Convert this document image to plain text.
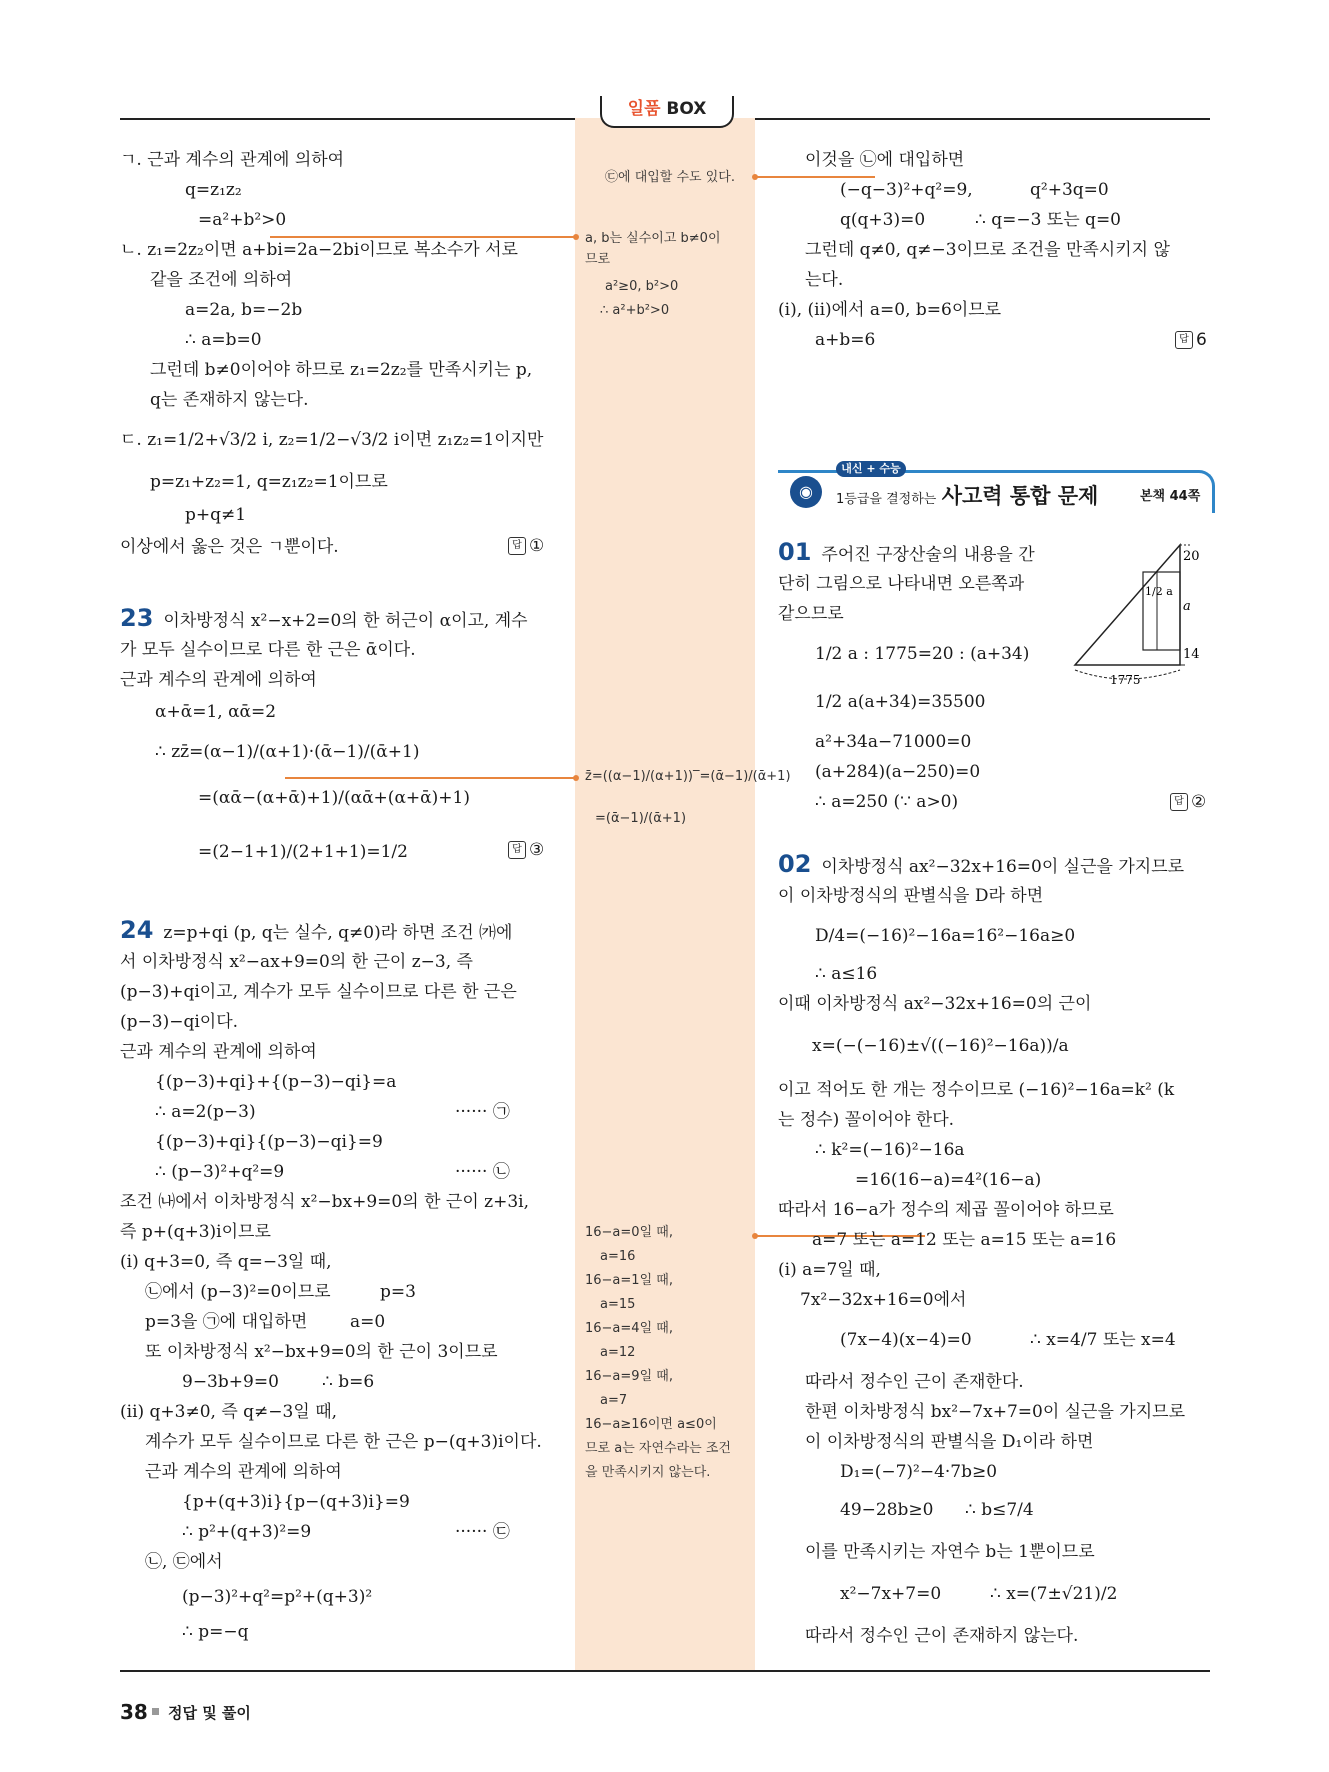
일품 BOX
ㄱ. 근과 계수의 관계에 의하여
q=z₁z₂
=a²+b²>0
ㄴ. z₁=2z₂이면 a+bi=2a−2bi이므로 복소수가 서로
같을 조건에 의하여
a=2a, b=−2b
∴ a=b=0
그런데 b≠0이어야 하므로 z₁=2z₂를 만족시키는 p,
q는 존재하지 않는다.
ㄷ. z₁=1/2+√3/2 i, z₂=1/2−√3/2 i이면 z₁z₂=1이지만
p=z₁+z₂=1, q=z₁z₂=1이므로
p+q≠1
이상에서 옳은 것은 ㄱ뿐이다.	답 ①
23 이차방정식 x²−x+2=0의 한 허근이 α이고, 계수
가 모두 실수이므로 다른 한 근은 ᾱ이다.
근과 계수의 관계에 의하여
α+ᾱ=1, αᾱ=2
∴ zz̄=(α−1)/(α+1)·(ᾱ−1)/(ᾱ+1)
=(αᾱ−(α+ᾱ)+1)/(αᾱ+(α+ᾱ)+1)
=(2−1+1)/(2+1+1)=1/2	답 ③
24 z=p+qi (p, q는 실수, q≠0)라 하면 조건 ㈎에
서 이차방정식 x²−ax+9=0의 한 근이 z−3, 즉
(p−3)+qi이고, 계수가 모두 실수이므로 다른 한 근은
(p−3)−qi이다.
근과 계수의 관계에 의하여
{(p−3)+qi}+{(p−3)−qi}=a
∴ a=2(p−3)	······ ㉠
{(p−3)+qi}{(p−3)−qi}=9
∴ (p−3)²+q²=9	······ ㉡
조건 ㈏에서 이차방정식 x²−bx+9=0의 한 근이 z+3i,
즉 p+(q+3)i이므로
(i) q+3=0, 즉 q=−3일 때,
㉡에서 (p−3)²=0이므로	p=3
p=3을 ㉠에 대입하면	a=0
또 이차방정식 x²−bx+9=0의 한 근이 3이므로
9−3b+9=0	∴ b=6
(ii) q+3≠0, 즉 q≠−3일 때,
계수가 모두 실수이므로 다른 한 근은 p−(q+3)i이다.
근과 계수의 관계에 의하여
{p+(q+3)i}{p−(q+3)i}=9
∴ p²+(q+3)²=9	······ ㉢
㉡, ㉢에서
(p−3)²+q²=p²+(q+3)²
∴ p=−q
㉢에 대입할 수도 있다.
a, b는 실수이고 b≠0이
므로
a²≥0, b²>0
∴ a²+b²>0
z̄=((α−1)/(α+1))‾=(ᾱ−1)/(ᾱ+1)
=(ᾱ−1)/(ᾱ+1)
16−a=0일 때,
a=16
16−a=1일 때,
a=15
16−a=4일 때,
a=12
16−a=9일 때,
a=7
16−a≥16이면 a≤0이
므로 a는 자연수라는 조건
을 만족시키지 않는다.
이것을 ㉡에 대입하면
(−q−3)²+q²=9,	q²+3q=0
q(q+3)=0	∴ q=−3 또는 q=0
그런데 q≠0, q≠−3이므로 조건을 만족시키지 않
는다.
(i), (ii)에서 a=0, b=6이므로
a+b=6	답 6
◉
내신 + 수능
1등급을 결정하는 사고력 통합 문제	본책 44쪽
01 주어진 구장산술의 내용을 간
단히 그림으로 나타내면 오른쪽과
같으므로
1/2 a : 1775=20 : (a+34)
1/2 a(a+34)=35500
a²+34a−71000=0
(a+284)(a−250)=0
∴ a=250 (∵ a>0)	답 ②
20
1/2 a
a
14
1775
02 이차방정식 ax²−32x+16=0이 실근을 가지므로
이 이차방정식의 판별식을 D라 하면
D/4=(−16)²−16a=16²−16a≥0
∴ a≤16
이때 이차방정식 ax²−32x+16=0의 근이
x=(−(−16)±√((−16)²−16a))/a
이고 적어도 한 개는 정수이므로 (−16)²−16a=k² (k
는 정수) 꼴이어야 한다.
∴ k²=(−16)²−16a
=16(16−a)=4²(16−a)
따라서 16−a가 정수의 제곱 꼴이어야 하므로
a=7 또는 a=12 또는 a=15 또는 a=16
(i) a=7일 때,
7x²−32x+16=0에서
(7x−4)(x−4)=0	∴ x=4/7 또는 x=4
따라서 정수인 근이 존재한다.
한편 이차방정식 bx²−7x+7=0이 실근을 가지므로
이 이차방정식의 판별식을 D₁이라 하면
D₁=(−7)²−4·7b≥0
49−28b≥0 ∴ b≤7/4
이를 만족시키는 자연수 b는 1뿐이므로
x²−7x+7=0	∴ x=(7±√21)/2
따라서 정수인 근이 존재하지 않는다.
38 정답 및 풀이
